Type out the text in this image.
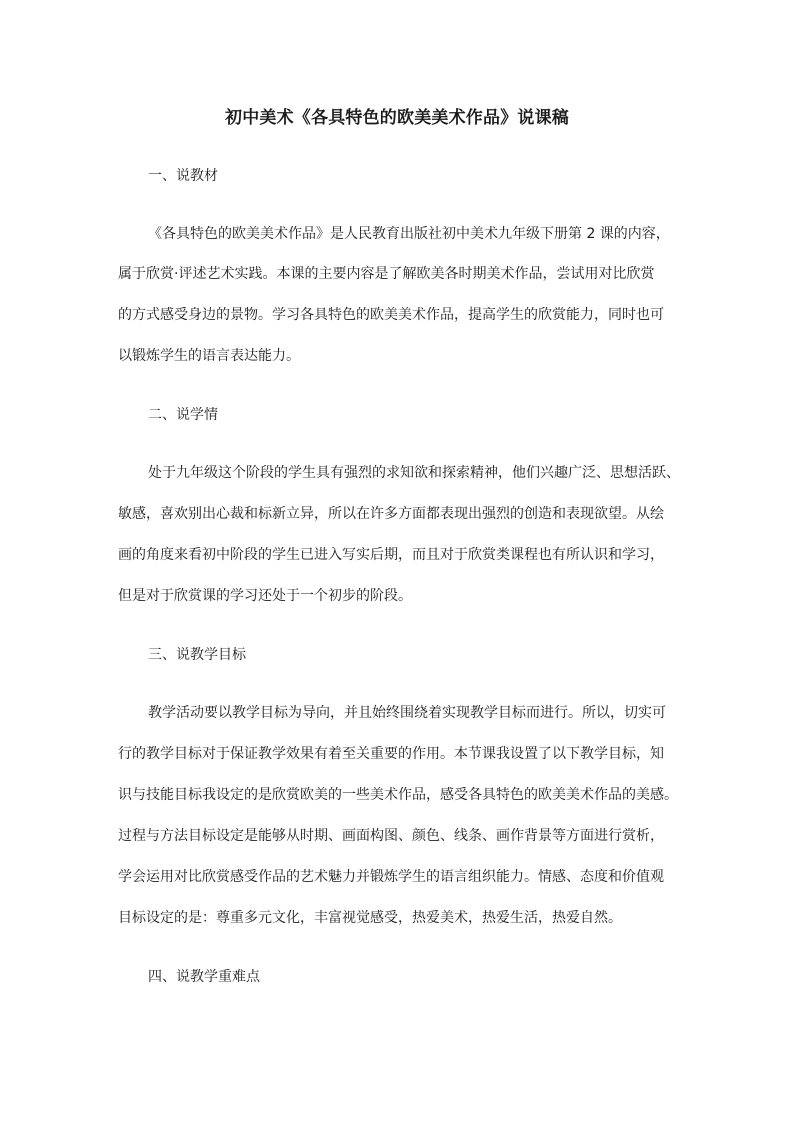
初中美术《各具特色的欧美美术作品》说课稿
一、说教材
《各具特色的欧美美术作品》是人民教育出版社初中美术九年级下册第 2 课的内容，
属于欣赏·评述艺术实践。本课的主要内容是了解欧美各时期美术作品，尝试用对比欣赏
的方式感受身边的景物。学习各具特色的欧美美术作品，提高学生的欣赏能力，同时也可
以锻炼学生的语言表达能力。
二、说学情
处于九年级这个阶段的学生具有强烈的求知欲和探索精神，他们兴趣广泛、思想活跃、
敏感，喜欢别出心裁和标新立异，所以在许多方面都表现出强烈的创造和表现欲望。从绘
画的角度来看初中阶段的学生已进入写实后期，而且对于欣赏类课程也有所认识和学习，
但是对于欣赏课的学习还处于一个初步的阶段。
三、说教学目标
教学活动要以教学目标为导向，并且始终围绕着实现教学目标而进行。所以，切实可
行的教学目标对于保证教学效果有着至关重要的作用。本节课我设置了以下教学目标，知
识与技能目标我设定的是欣赏欧美的一些美术作品，感受各具特色的欧美美术作品的美感。
过程与方法目标设定是能够从时期、画面构图、颜色、线条、画作背景等方面进行赏析，
学会运用对比欣赏感受作品的艺术魅力并锻炼学生的语言组织能力。情感、态度和价值观
目标设定的是：尊重多元文化，丰富视觉感受，热爱美术，热爱生活，热爱自然。
四、说教学重难点
